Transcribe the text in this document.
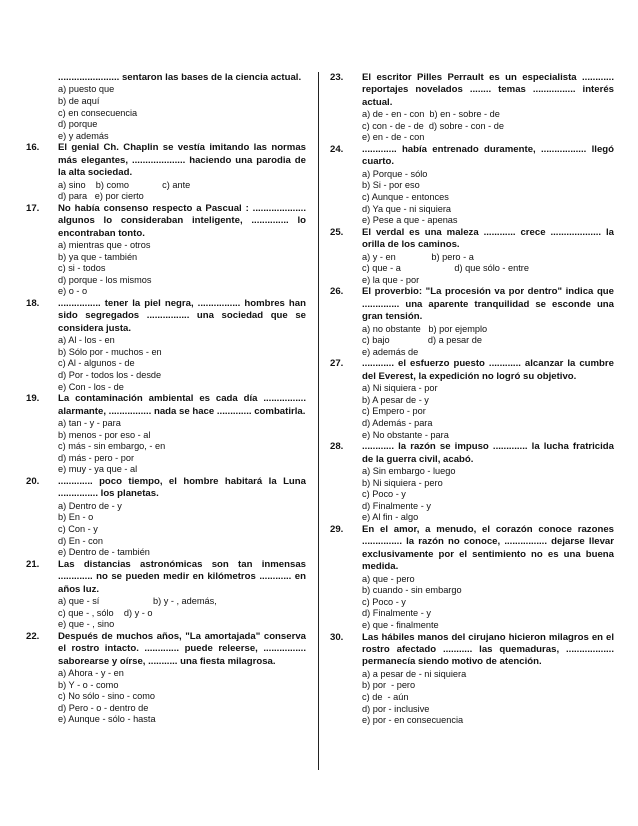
....................... sentaron las bases de la ciencia actual.
a) puesto que
b) de aquí
c) en consecuencia
d) porque
e) y además
16. El genial Ch. Chaplin se vestía imitando las normas más elegantes, .................... haciendo una parodia de la alta sociedad.
a) sino    b) como             c) ante
d) para   e) por cierto
17. No había consenso respecto a Pascual : .................... algunos lo consideraban inteligente, .............. lo encontraban tonto.
a) mientras que - otros
b) ya que - también
c) si - todos
d) porque - los mismos
e) o - o
18. ................ tener la piel negra, ................ hombres han sido segregados ................ una sociedad que se considera justa.
a) Al - los - en
b) Sólo por - muchos - en
c) Al - algunos - de
d) Por - todos los - desde
e) Con - los - de
19. La contaminación ambiental es cada día ................ alarmante, ................ nada se hace ............. combatirla.
a) tan - y - para
b) menos - por eso - al
c) más - sin embargo, - en
d) más - pero - por
e) muy - ya que - al
20. ............. poco tiempo, el hombre habitará la Luna ............... los planetas.
a) Dentro de - y
b) En - o
c) Con - y
d) En - con
e) Dentro de - también
21. Las distancias astronómicas son tan inmensas ............. no se pueden medir en kilómetros ............ en años luz.
a) que - sí                     b) y - , además,
c) que - , sólo    d) y - o
e) que - , sino
22. Después de muchos años, "La amortajada" conserva el rostro intacto. ............. puede releerse, ................ saborearse y oírse, ........... una fiesta milagrosa.
a) Ahora - y - en
b) Y - o - como
c) No sólo - sino - como
d) Pero - o - dentro de
e) Aunque - sólo - hasta
23. El escritor Pilles Perrault es un especialista ............ reportajes novelados ........ temas ................ interés actual.
a) de - en - con  b) en - sobre - de
c) con - de - de  d) sobre - con - de
e) en - de - con
24. ............. había entrenado duramente, ................. llegó cuarto.
a) Porque - sólo
b) Si - por eso
c) Aunque - entonces
d) Ya que - ni siquiera
e) Pese a que - apenas
25. El verdal es una maleza ............ crece ................... la orilla de los caminos.
a) y - en              b) pero - a
c) que - a                     d) que sólo - entre
e) la que - por
26. El proverbio: "La procesión va por dentro" indica que .............. una aparente tranquilidad se esconde una gran tensión.
a) no obstante   b) por ejemplo
c) bajo               d) a pesar de
e) además de
27. ............ el esfuerzo puesto ............ alcanzar la cumbre del Everest, la expedición no logró su objetivo.
a) Ni siquiera - por
b) A pesar de - y
c) Empero - por
d) Además - para
e) No obstante - para
28. ............ la razón se impuso ............. la lucha fratricida de la guerra civil, acabó.
a) Sin embargo - luego
b) Ni siquiera - pero
c) Poco - y
d) Finalmente - y
e) Al fin - algo
29. En el amor, a menudo, el corazón conoce razones ............... la razón no conoce, ................ dejarse llevar exclusivamente por el sentimiento no es una buena medida.
a) que - pero
b) cuando - sin embargo
c) Poco - y
d) Finalmente - y
e) que - finalmente
30. Las hábiles manos del cirujano hicieron milagros en el rostro afectado ........... las quemaduras, .................. permanecía siendo motivo de atención.
a) a pesar de - ni siquiera
b) por  - pero
c) de  - aún
d) por - inclusive
e) por - en consecuencia
